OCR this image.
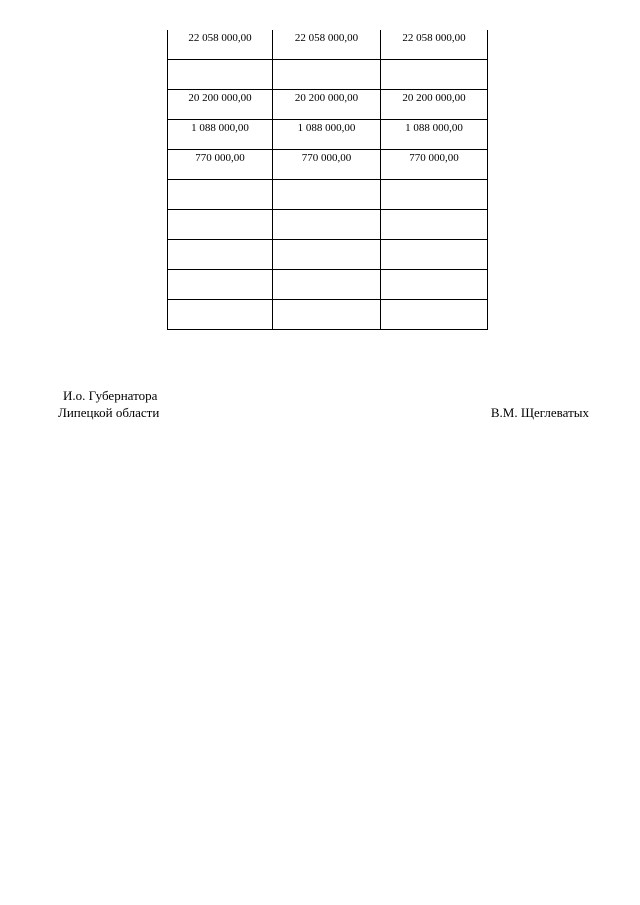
22 058 000,00	22 058 000,00	22 058 000,00

20 200 000,00	20 200 000,00	20 200 000,00

1 088 000,00	1 088 000,00	1 088 000,00

770 000,00	770 000,00	770 000,00

И.о. Губернатора
Липецкой области	В.М. Щеглеватых
